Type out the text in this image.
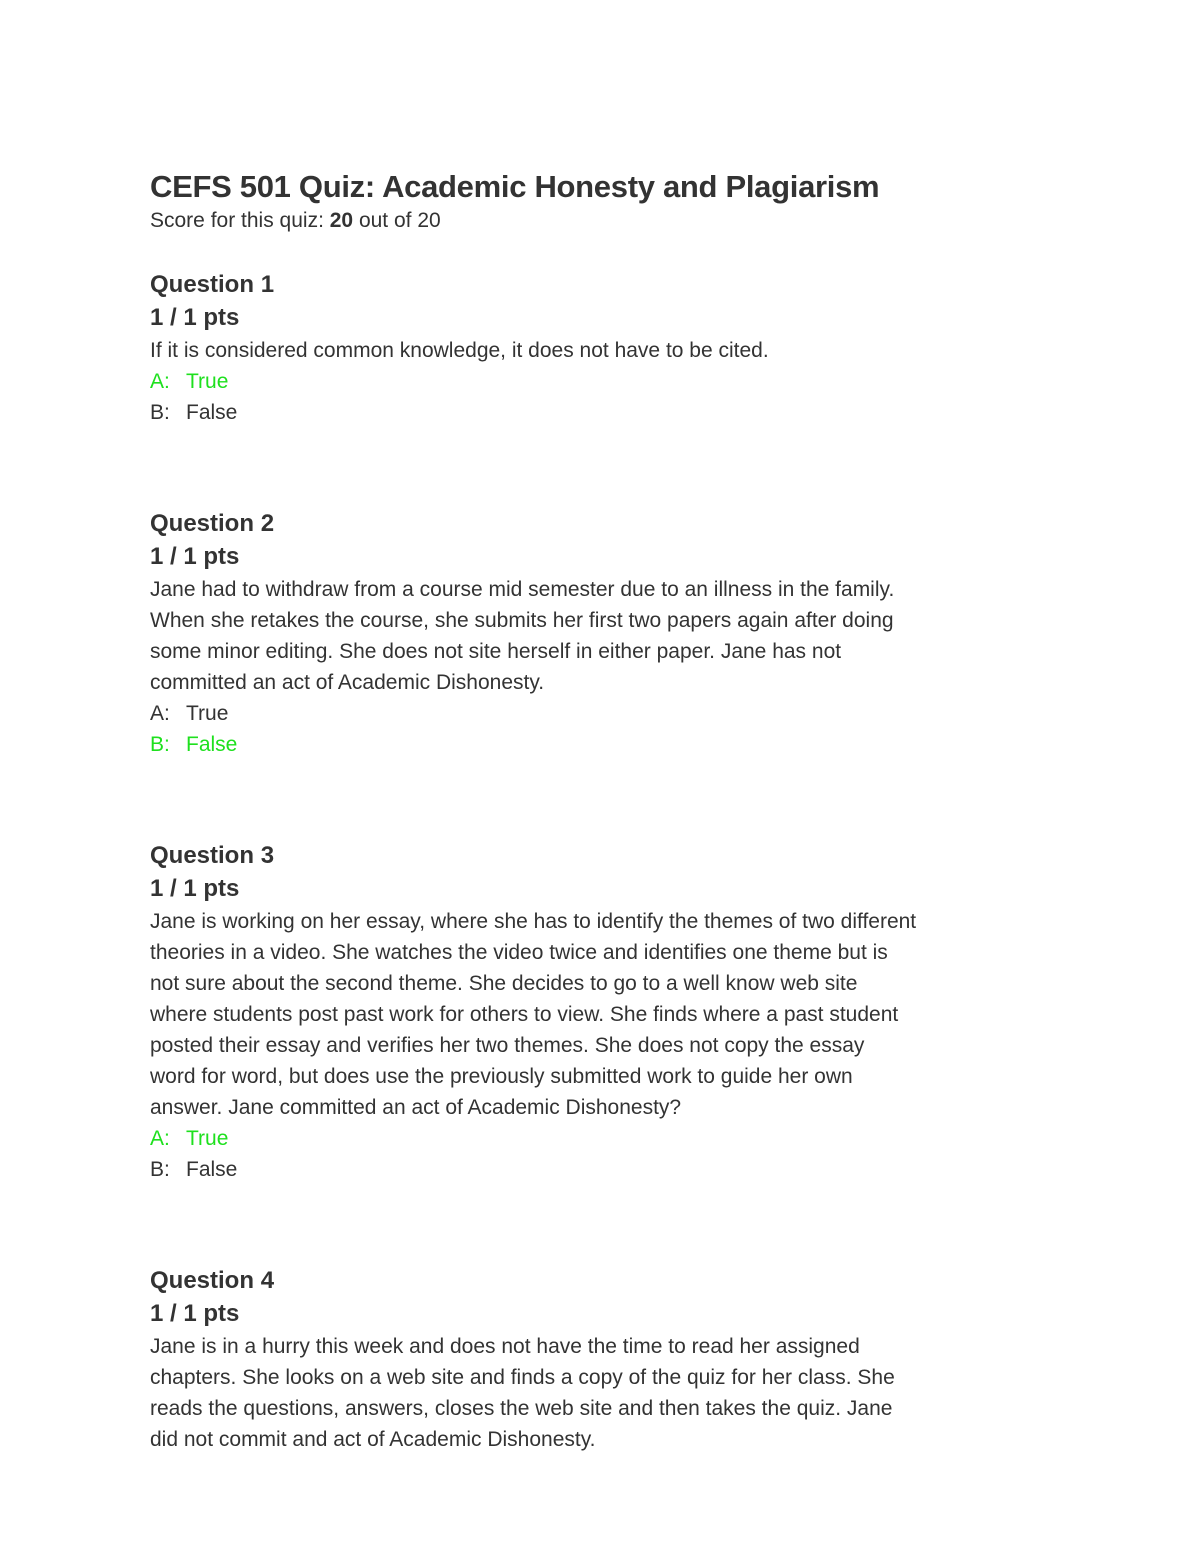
CEFS 501 Quiz: Academic Honesty and Plagiarism

Score for this quiz: 20 out of 20

Question 1
1 / 1 pts
If it is considered common knowledge, it does not have to be cited.
A: True
B: False
Question 2
1 / 1 pts
Jane had to withdraw from a course mid semester due to an illness in the family.
When she retakes the course, she submits her first two papers again after doing
some minor editing. She does not site herself in either paper. Jane has not
committed an act of Academic Dishonesty.
A: True
B: False
Question 3
1 / 1 pts
Jane is working on her essay, where she has to identify the themes of two different
theories in a video. She watches the video twice and identifies one theme but is
not sure about the second theme. She decides to go to a well know web site
where students post past work for others to view. She finds where a past student
posted their essay and verifies her two themes. She does not copy the essay
word for word, but does use the previously submitted work to guide her own
answer. Jane committed an act of Academic Dishonesty?
A: True
B: False
Question 4
1 / 1 pts
Jane is in a hurry this week and does not have the time to read her assigned
chapters. She looks on a web site and finds a copy of the quiz for her class. She
reads the questions, answers, closes the web site and then takes the quiz. Jane
did not commit and act of Academic Dishonesty.
